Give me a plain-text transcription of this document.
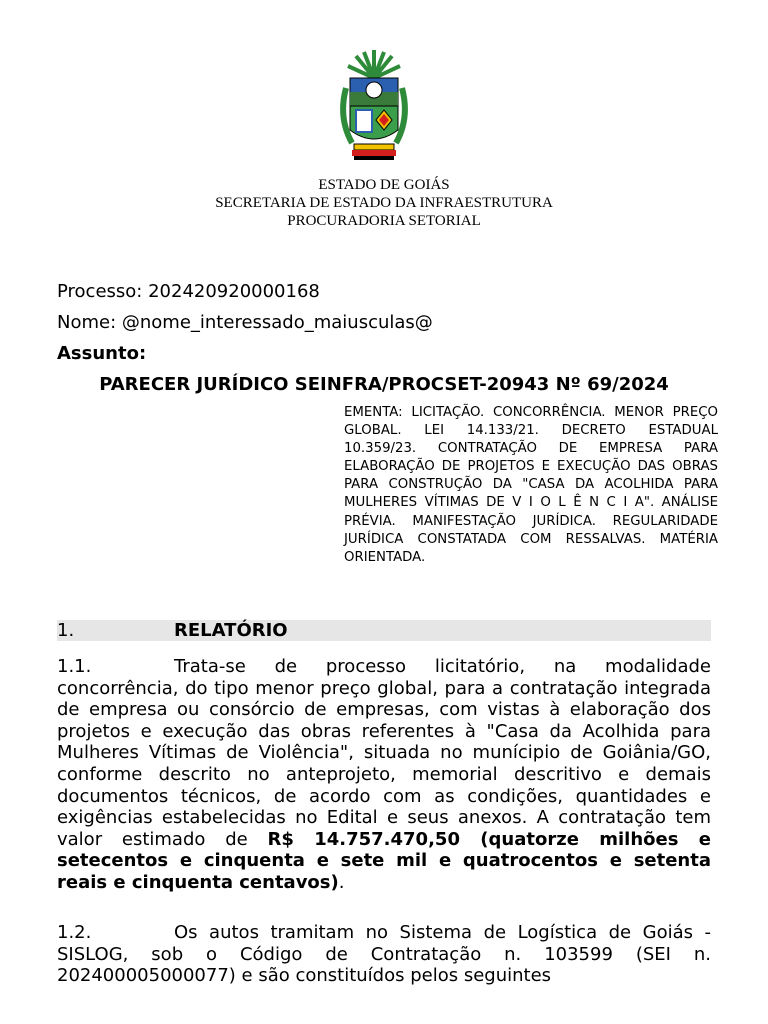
ESTADO DE GOIÁS
SECRETARIA DE ESTADO DA INFRAESTRUTURA
PROCURADORIA SETORIAL
Processo: 202420920000168
Nome: @nome_interessado_maiusculas@
Assunto:
PARECER JURÍDICO SEINFRA/PROCSET-20943 Nº 69/2024

EMENTA: LICITAÇÃO. CONCORRÊNCIA. MENOR PREÇO GLOBAL. LEI 14.133/21. DECRETO ESTADUAL 10.359/23. CONTRATAÇÃO DE EMPRESA PARA ELABORAÇÃO DE PROJETOS E EXECUÇÃO DAS OBRAS PARA CONSTRUÇÃO DA "CASA DA ACOLHIDA PARA MULHERES VÍTIMAS DE V I O L Ê N C I A". ANÁLISE PRÉVIA. MANIFESTAÇÃO JURÍDICA. REGULARIDADE JURÍDICA CONSTATADA COM RESSALVAS. MATÉRIA ORIENTADA.

1.	RELATÓRIO

1.1.	Trata-se de processo licitatório, na modalidade concorrência, do tipo menor preço global, para a contratação integrada de empresa ou consórcio de empresas, com vistas à elaboração dos projetos e execução das obras referentes à "Casa da Acolhida para Mulheres Vítimas de Violência", situada no munícipio de Goiânia/GO, conforme descrito no anteprojeto, memorial descritivo e demais documentos técnicos, de acordo com as condições, quantidades e exigências estabelecidas no Edital e seus anexos. A contratação tem valor estimado de R$ 14.757.470,50 (quatorze milhões e setecentos e cinquenta e sete mil e quatrocentos e setenta reais e cinquenta centavos).

1.2.	Os autos tramitam no Sistema de Logística de Goiás - SISLOG, sob o Código de Contratação n. 103599 (SEI n. 202400005000077) e são constituídos pelos seguintes
